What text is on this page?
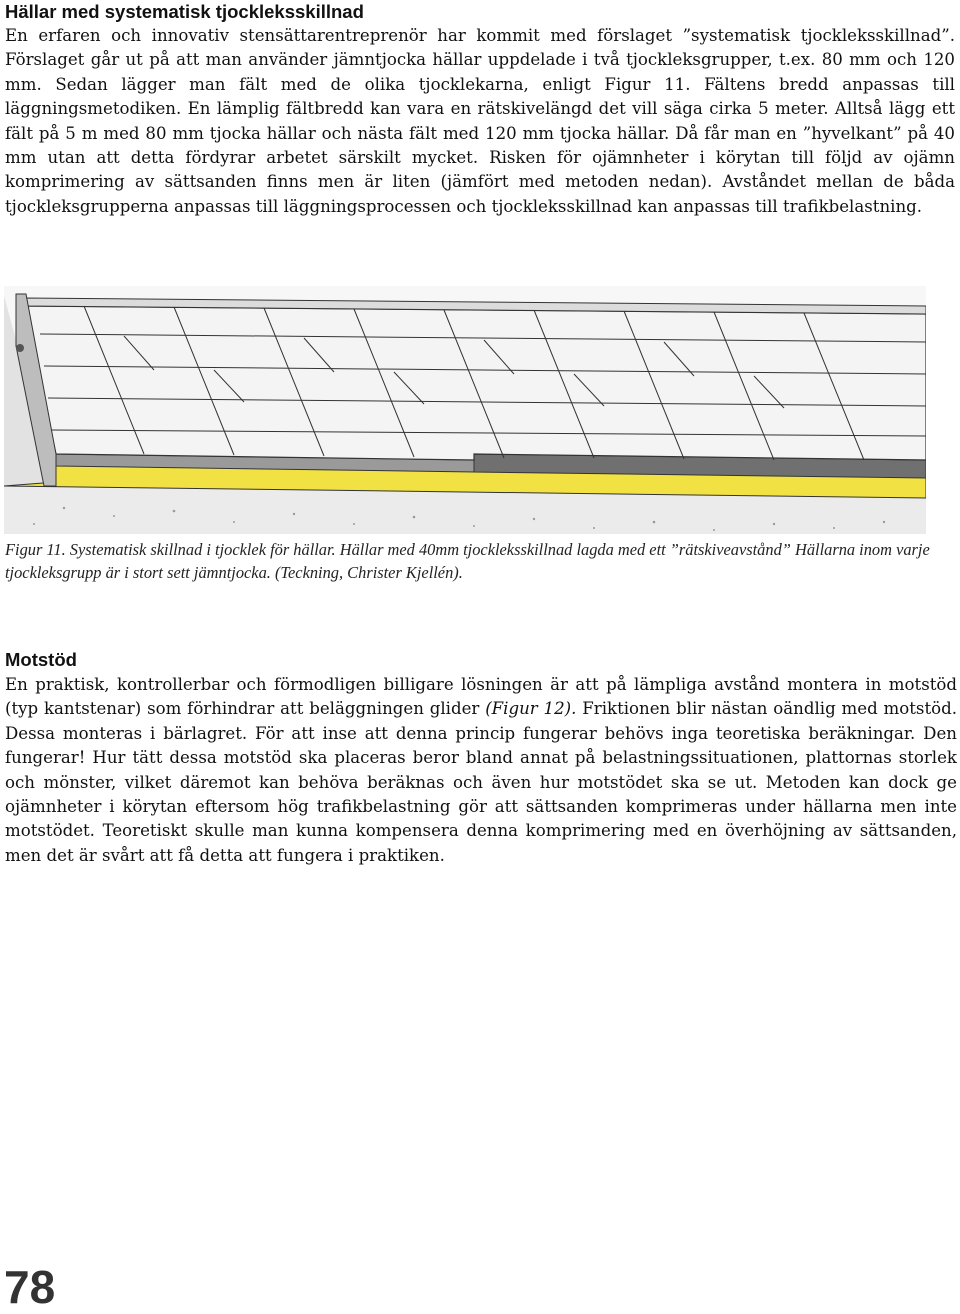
Hällar med systematisk tjockleksskillnad

En erfaren och innovativ stensättarentreprenör har kommit med förslaget ”systematisk tjockleksskillnad”. Förslaget går ut på att man använder jämntjocka hällar uppdelade i två tjockleksgrupper, t.ex. 80 mm och 120 mm. Sedan lägger man fält med de olika tjocklekarna, enligt Figur 11. Fältens bredd anpassas till läggningsmetodiken. En lämplig fältbredd kan vara en rätskivelängd det vill säga cirka 5 meter. Alltså lägg ett fält på 5 m med 80 mm tjocka hällar och nästa fält med 120 mm tjocka hällar. Då får man en ”hyvelkant” på 40 mm utan att detta fördyrar arbetet särskilt mycket. Risken för ojämnheter i körytan till följd av ojämn komprimering av sättsanden finns men är liten (jämfört med metoden nedan). Avståndet mellan de båda tjockleksgrupperna anpassas till läggningsprocessen och tjockleksskillnad kan anpassas till trafikbelastning.

Figur 11. Systematisk skillnad i tjocklek för hällar. Hällar med 40mm tjockleksskillnad lagda med ett ”rätskiveavstånd” Hällarna inom varje tjockleksgrupp är i stort sett jämntjocka. (Teckning, Christer Kjellén).

Motstöd

En praktisk, kontrollerbar och förmodligen billigare lösningen är att på lämpliga avstånd montera in motstöd (typ kantstenar) som förhindrar att beläggningen glider (Figur 12). Friktionen blir nästan oändlig med motstöd. Dessa monteras i bärlagret. För att inse att denna princip fungerar behövs inga teoretiska beräkningar. Den fungerar! Hur tätt dessa motstöd ska placeras beror bland annat på belastningssituationen, plattornas storlek och mönster, vilket däremot kan behöva beräknas och även hur motstödet ska se ut. Metoden kan dock ge ojämnheter i körytan eftersom hög trafikbelastning gör att sättsanden komprimeras under hällarna men inte motstödet. Teoretiskt skulle man kunna kompensera denna komprimering med en överhöjning av sättsanden, men det är svårt att få detta att fungera i praktiken.

78
